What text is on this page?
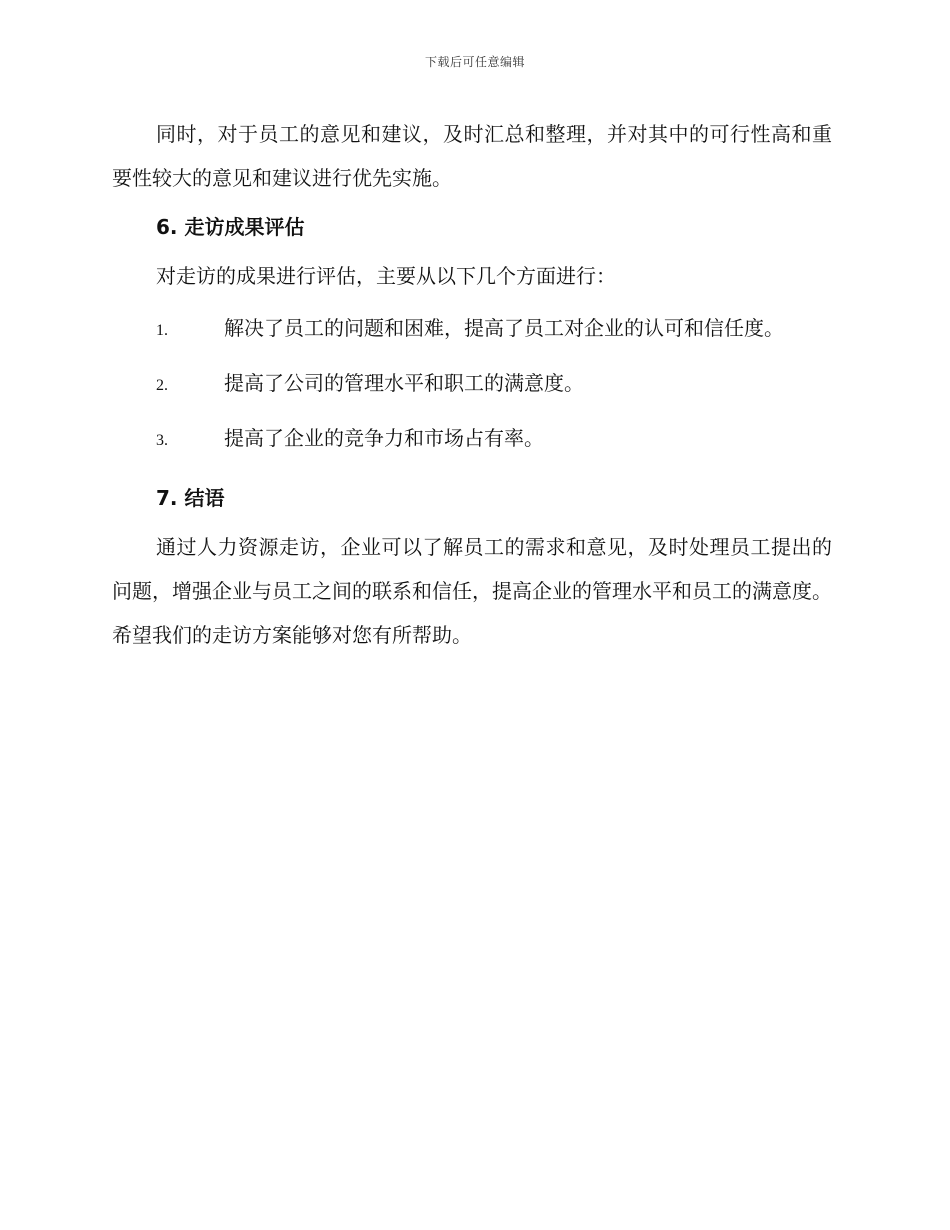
下载后可任意编辑

同时，对于员工的意见和建议，及时汇总和整理，并对其中的可行性高和重要性较大的意见和建议进行优先实施。

6. 走访成果评估

对走访的成果进行评估，主要从以下几个方面进行：

1.	解决了员工的问题和困难，提高了员工对企业的认可和信任度。
2.	提高了公司的管理水平和职工的满意度。
3.	提高了企业的竞争力和市场占有率。
7. 结语

通过人力资源走访，企业可以了解员工的需求和意见，及时处理员工提出的问题，增强企业与员工之间的联系和信任，提高企业的管理水平和员工的满意度。希望我们的走访方案能够对您有所帮助。
